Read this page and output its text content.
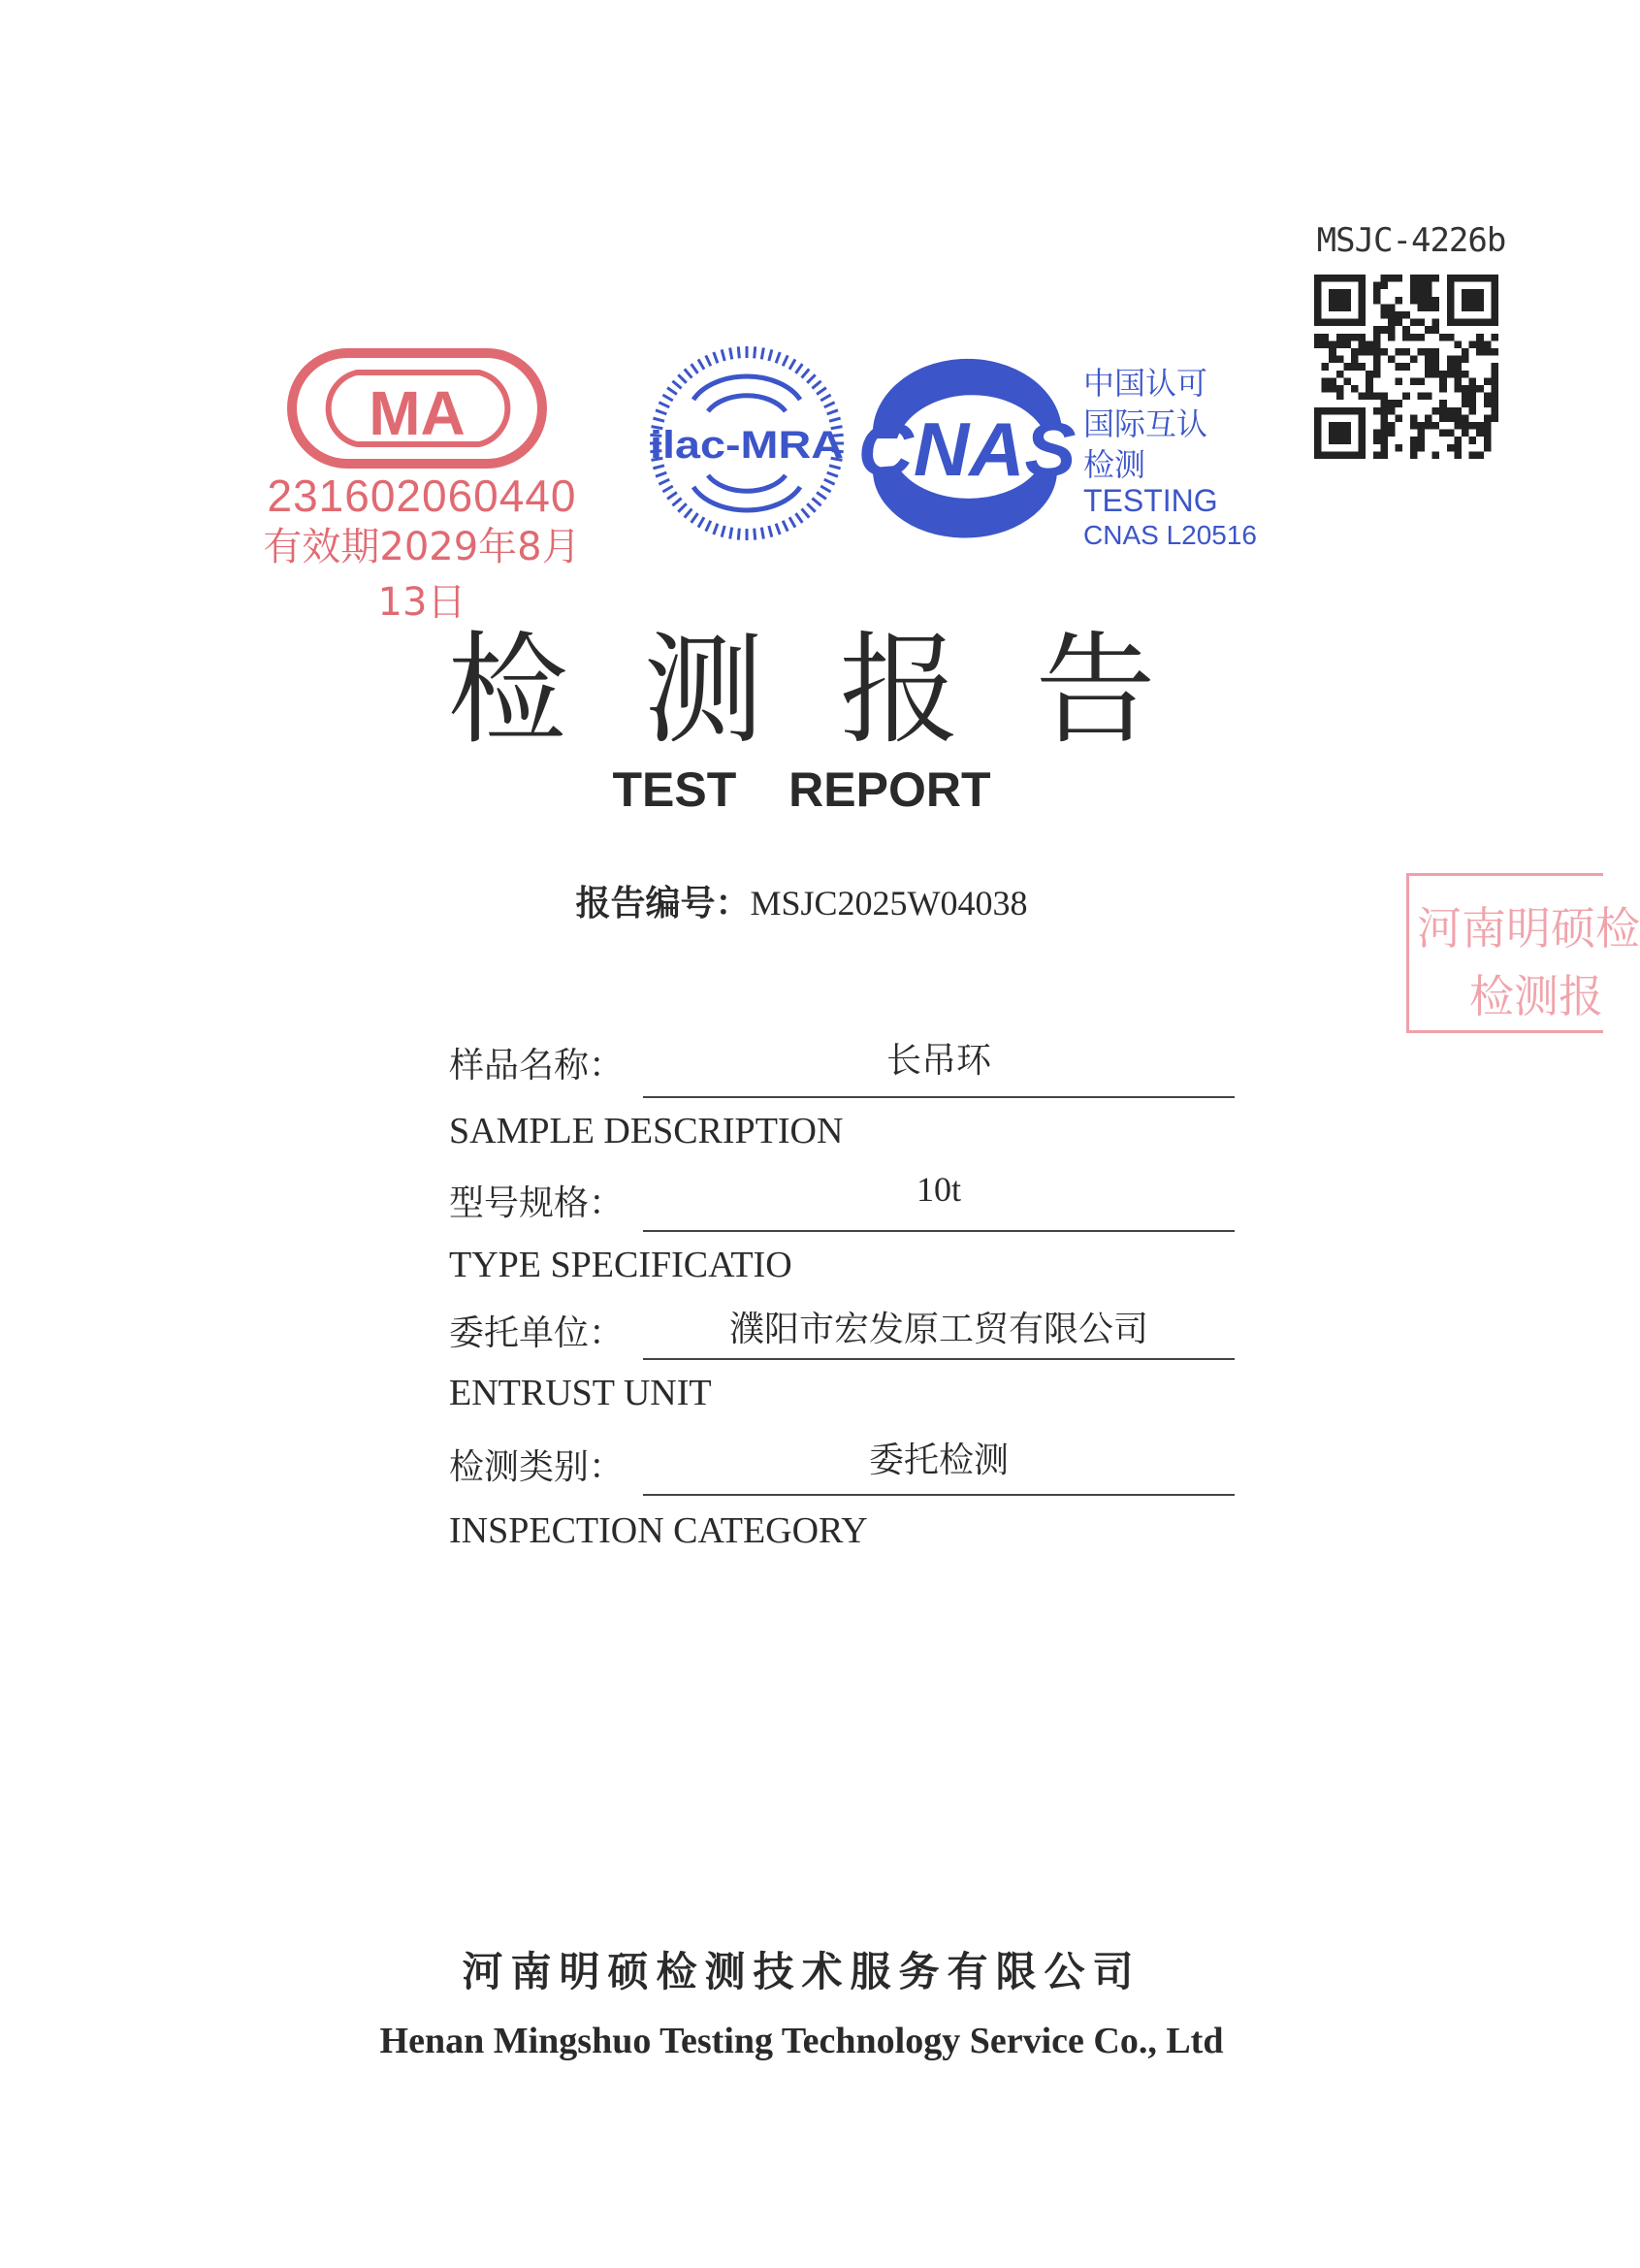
MSJC-4226b
MA
231602060440
有效期2029年8月13日
ilac-MRA CNAS
中国认可
国际互认
检测
TESTING
CNAS L20516
检测报告
TEST REPORT
报告编号：MSJC2025W04038	河南明硕检
检测报
样品名称：	长吊环
SAMPLE DESCRIPTION
型号规格：	10t
TYPE SPECIFICATIO
委托单位：	濮阳市宏发原工贸有限公司
ENTRUST UNIT
检测类别：	委托检测
INSPECTION CATEGORY
河南明硕检测技术服务有限公司
Henan Mingshuo Testing Technology Service Co., Ltd
